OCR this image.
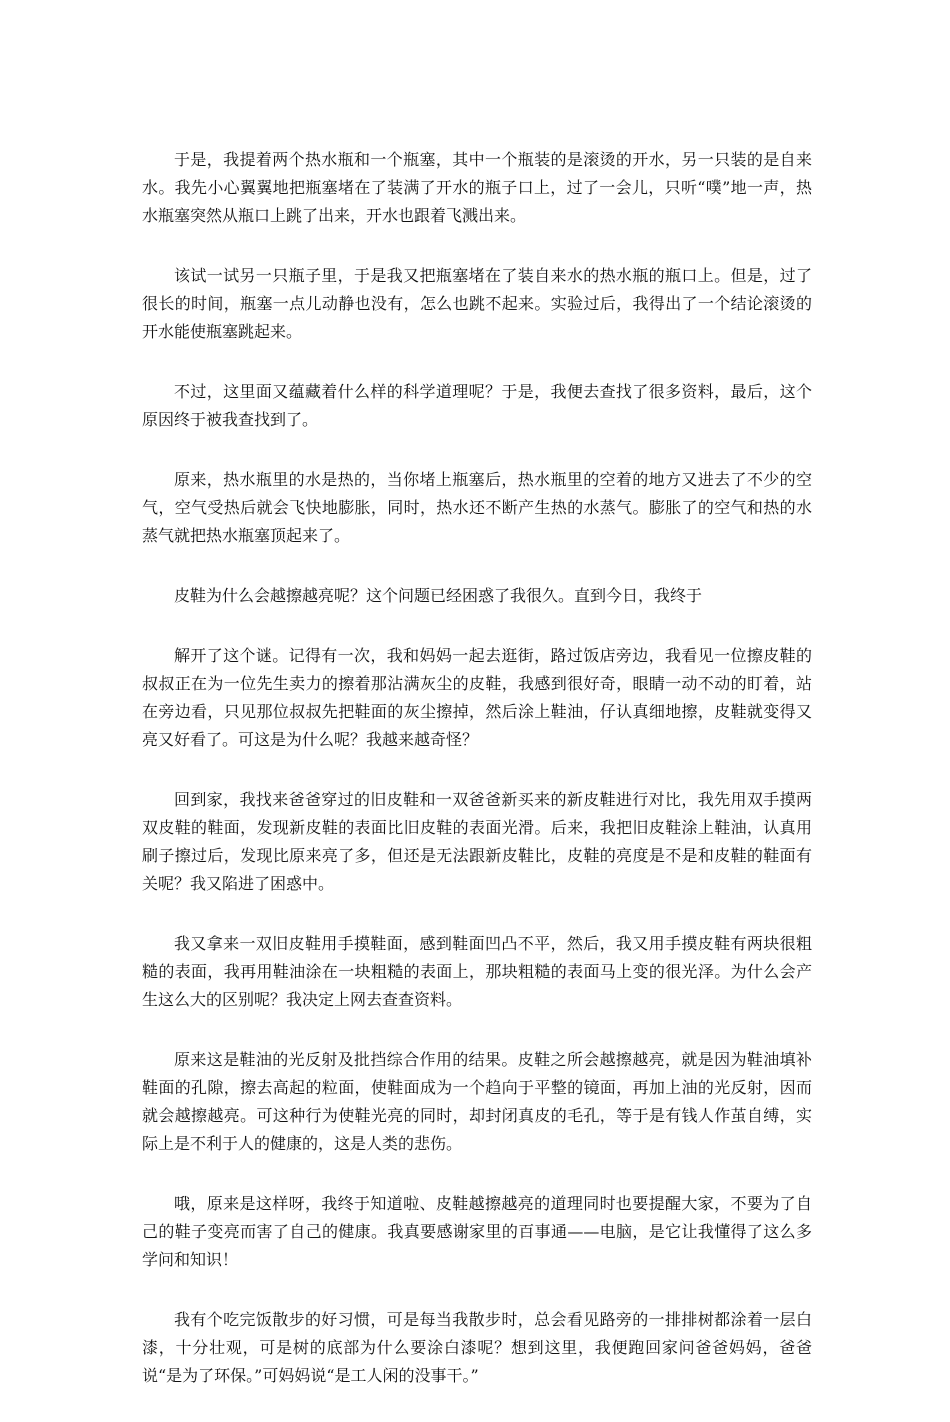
于是，我提着两个热水瓶和一个瓶塞，其中一个瓶装的是滚烫的开水，另一只装的是自来水。我先小心翼翼地把瓶塞堵在了装满了开水的瓶子口上，过了一会儿，只听“噗”地一声，热水瓶塞突然从瓶口上跳了出来，开水也跟着飞溅出来。

该试一试另一只瓶子里，于是我又把瓶塞堵在了装自来水的热水瓶的瓶口上。但是，过了很长的时间，瓶塞一点儿动静也没有，怎么也跳不起来。实验过后，我得出了一个结论滚烫的开水能使瓶塞跳起来。

不过，这里面又蕴藏着什么样的科学道理呢？于是，我便去查找了很多资料，最后，这个原因终于被我查找到了。

原来，热水瓶里的水是热的，当你堵上瓶塞后，热水瓶里的空着的地方又进去了不少的空气，空气受热后就会飞快地膨胀，同时，热水还不断产生热的水蒸气。膨胀了的空气和热的水蒸气就把热水瓶塞顶起来了。

皮鞋为什么会越擦越亮呢？这个问题已经困惑了我很久。直到今日，我终于

解开了这个谜。记得有一次，我和妈妈一起去逛街，路过饭店旁边，我看见一位擦皮鞋的叔叔正在为一位先生卖力的擦着那沾满灰尘的皮鞋，我感到很好奇，眼睛一动不动的盯着，站在旁边看，只见那位叔叔先把鞋面的灰尘擦掉，然后涂上鞋油，仔认真细地擦，皮鞋就变得又亮又好看了。可这是为什么呢？我越来越奇怪？

回到家，我找来爸爸穿过的旧皮鞋和一双爸爸新买来的新皮鞋进行对比，我先用双手摸两双皮鞋的鞋面，发现新皮鞋的表面比旧皮鞋的表面光滑。后来，我把旧皮鞋涂上鞋油，认真用刷子擦过后，发现比原来亮了多，但还是无法跟新皮鞋比，皮鞋的亮度是不是和皮鞋的鞋面有关呢？我又陷进了困惑中。

我又拿来一双旧皮鞋用手摸鞋面，感到鞋面凹凸不平，然后，我又用手摸皮鞋有两块很粗糙的表面，我再用鞋油涂在一块粗糙的表面上，那块粗糙的表面马上变的很光泽。为什么会产生这么大的区别呢？我决定上网去查查资料。

原来这是鞋油的光反射及批挡综合作用的结果。皮鞋之所会越擦越亮，就是因为鞋油填补鞋面的孔隙，擦去高起的粒面，使鞋面成为一个趋向于平整的镜面，再加上油的光反射，因而就会越擦越亮。可这种行为使鞋光亮的同时，却封闭真皮的毛孔，等于是有钱人作茧自缚，实际上是不利于人的健康的，这是人类的悲伤。

哦，原来是这样呀，我终于知道啦、皮鞋越擦越亮的道理同时也要提醒大家，不要为了自己的鞋子变亮而害了自己的健康。我真要感谢家里的百事通——电脑，是它让我懂得了这么多学问和知识！

我有个吃完饭散步的好习惯，可是每当我散步时，总会看见路旁的一排排树都涂着一层白漆，十分壮观，可是树的底部为什么要涂白漆呢？想到这里，我便跑回家问爸爸妈妈，爸爸说“是为了环保。”可妈妈说“是工人闲的没事干。”
